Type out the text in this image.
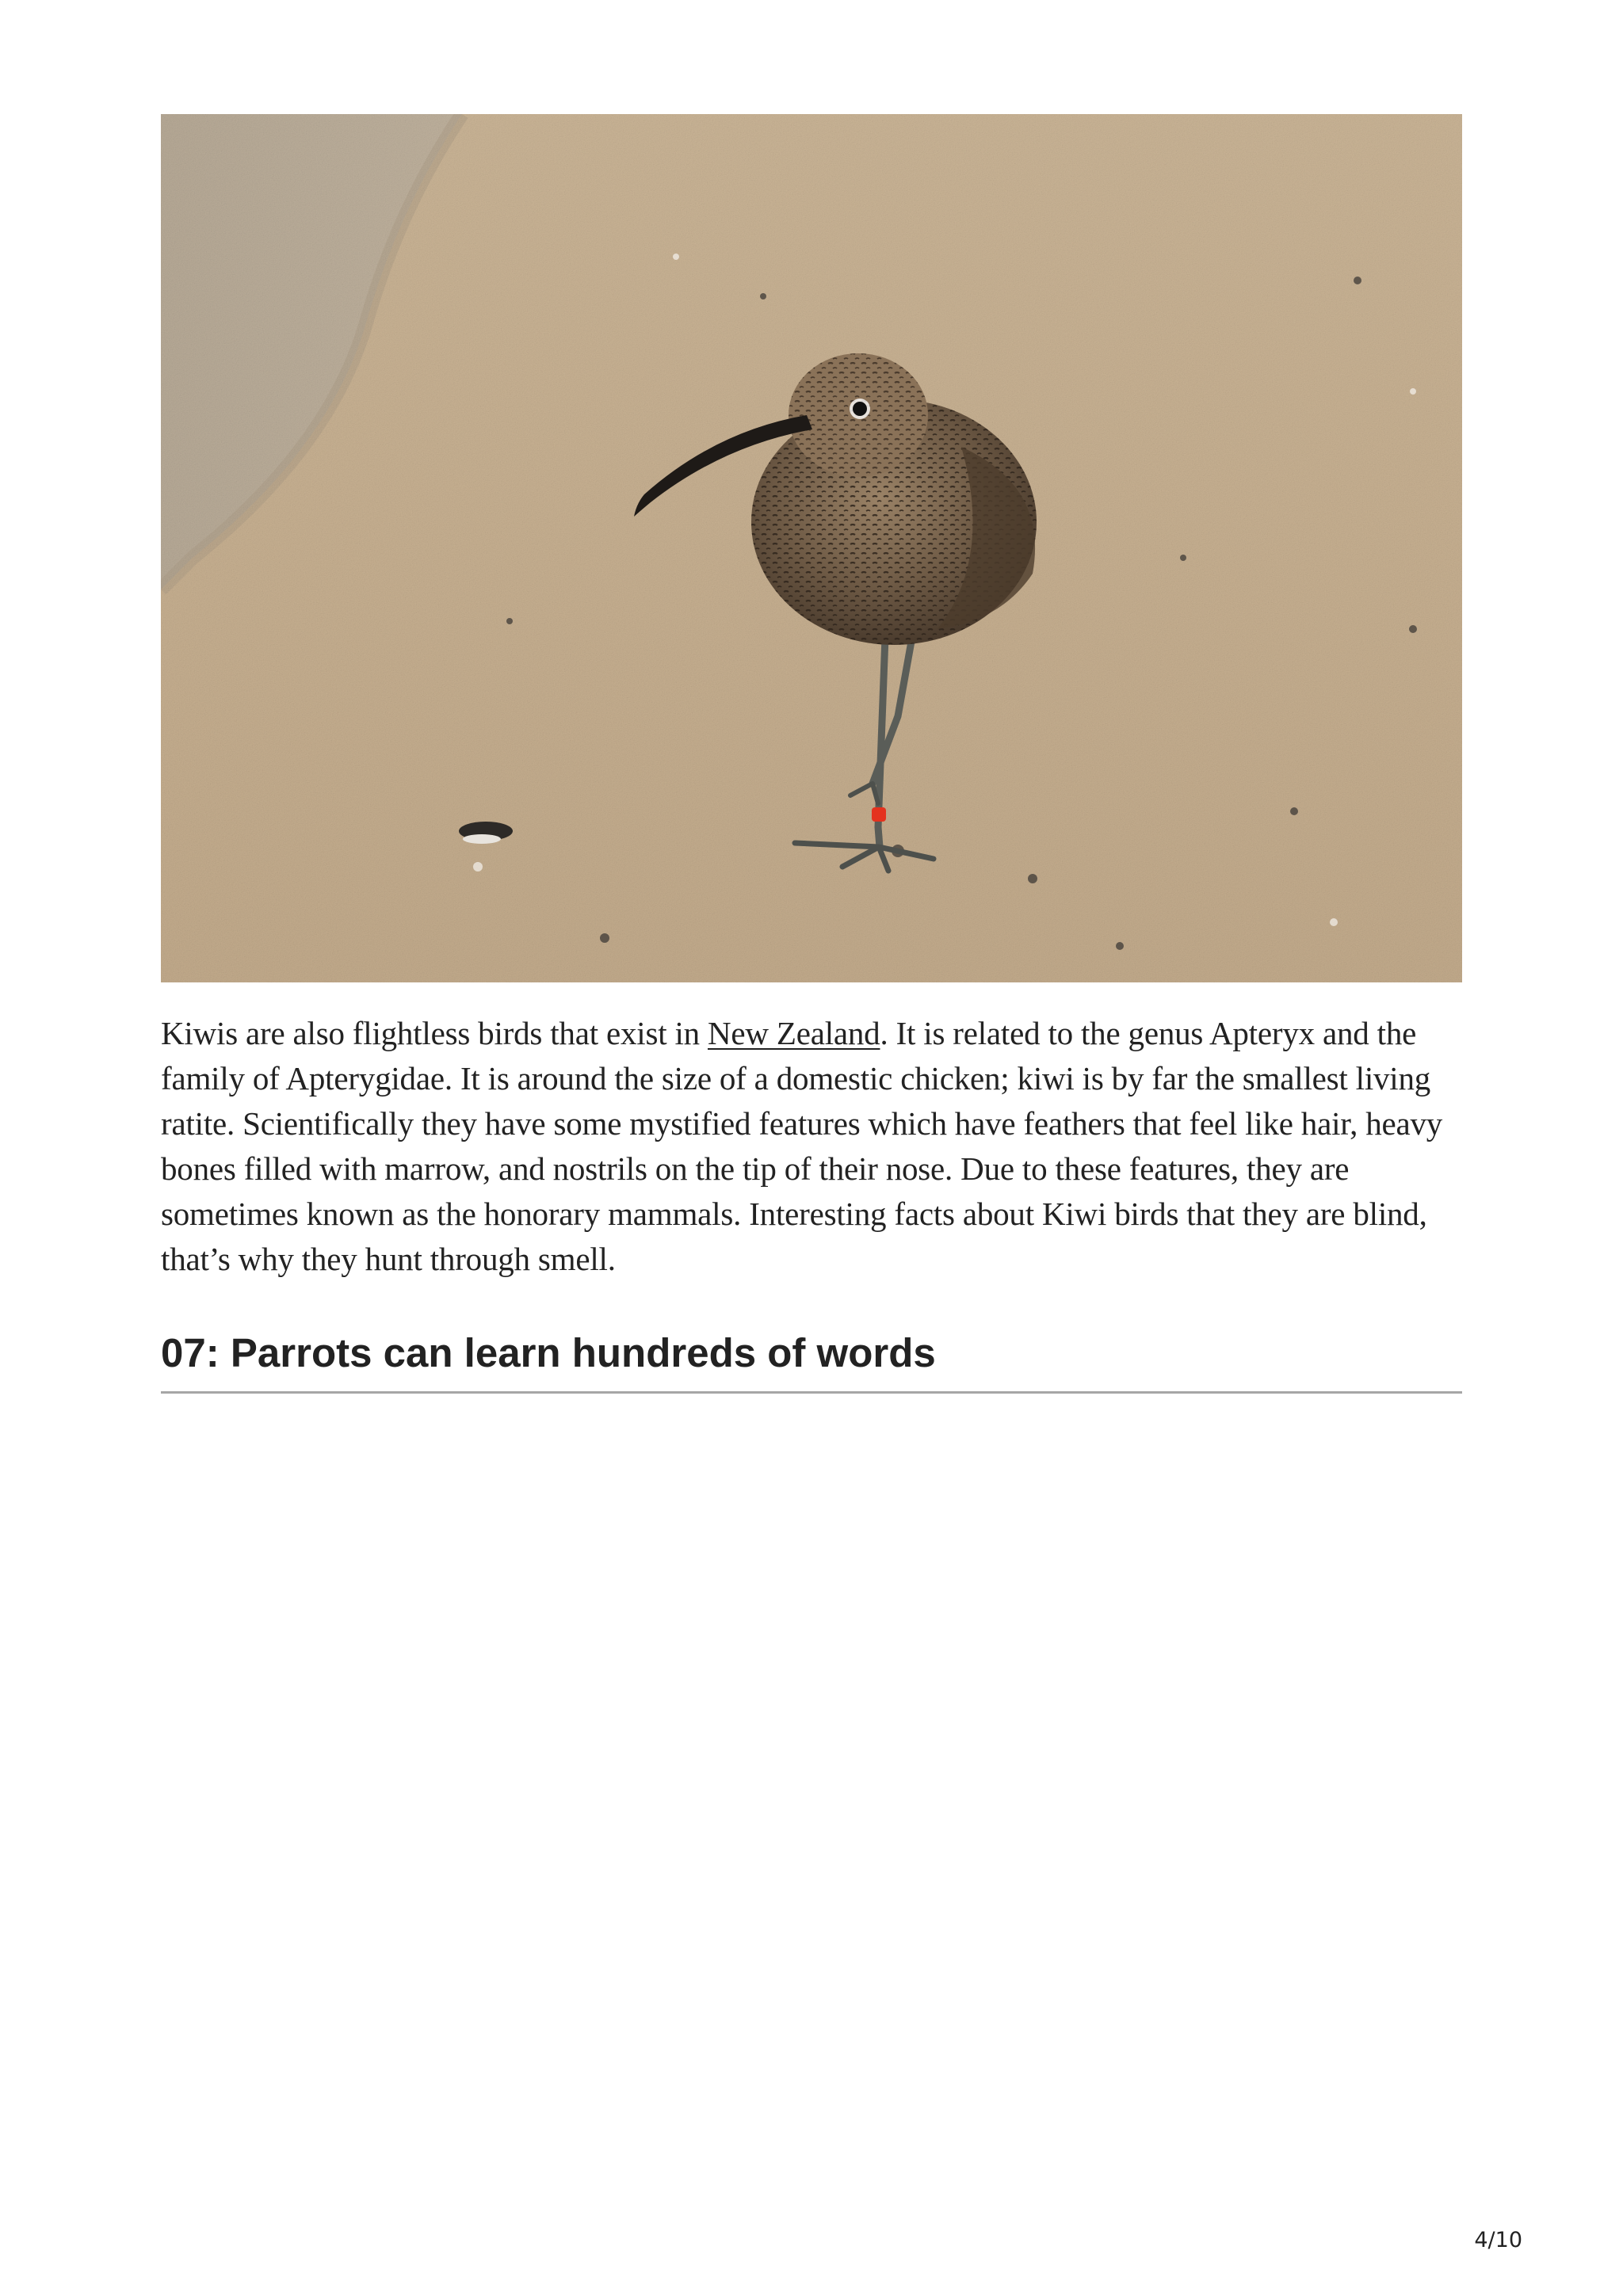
Kiwis are also flightless birds that exist in New Zealand. It is related to the genus Apteryx and the family of Apterygidae. It is around the size of a domestic chicken; kiwi is by far the smallest living ratite. Scientifically they have some mystified features which have feathers that feel like hair, heavy bones filled with marrow, and nostrils on the tip of their nose. Due to these features, they are sometimes known as the honorary mammals. Interesting facts about Kiwi birds that they are blind, that’s why they hunt through smell.

07: Parrots can learn hundreds of words
4/10
